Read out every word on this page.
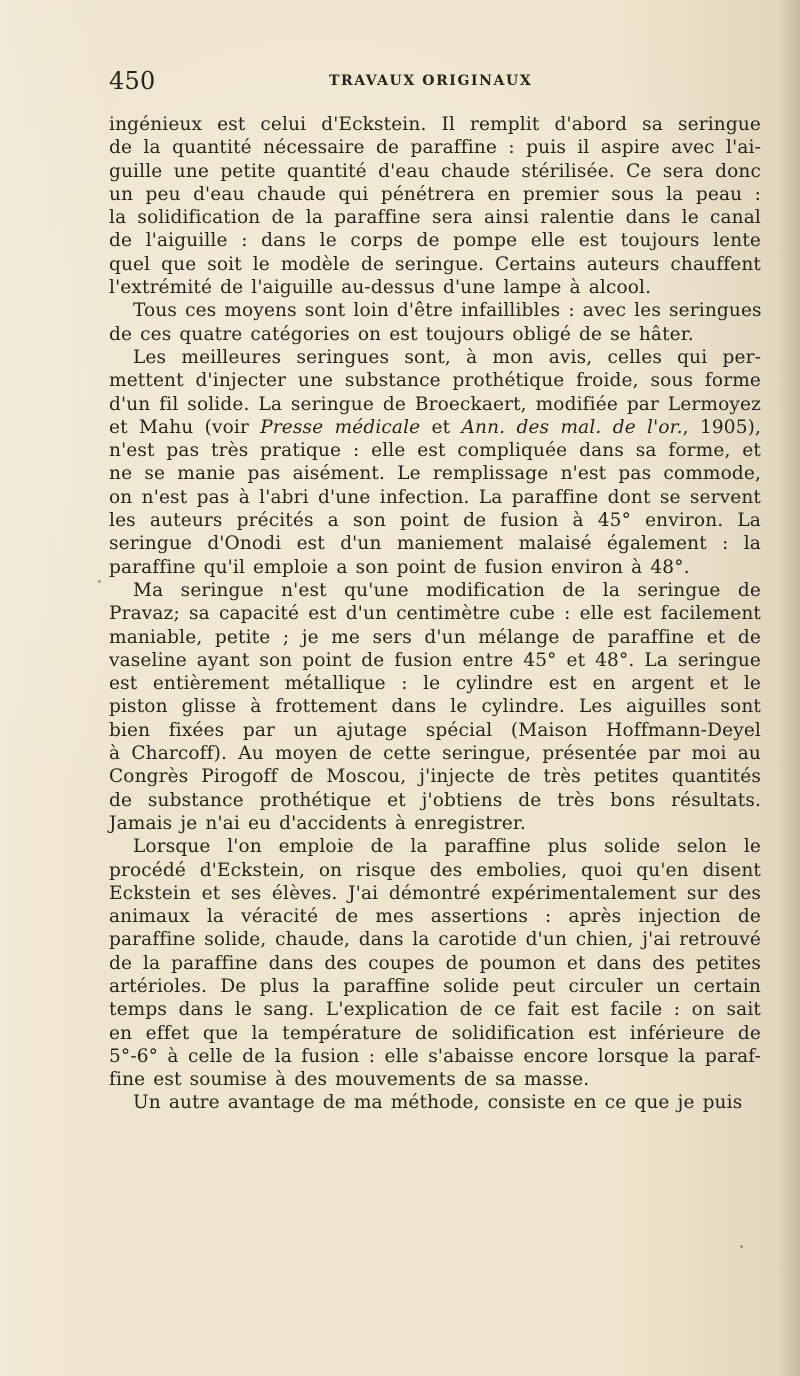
450	TRAVAUX ORIGINAUX
ingénieux est celui d'Eckstein. Il remplit d'abord sa seringue
de la quantité nécessaire de paraffine : puis il aspire avec l'ai-
guille une petite quantité d'eau chaude stérilisée. Ce sera donc
un peu d'eau chaude qui pénétrera en premier sous la peau :
la solidification de la paraffine sera ainsi ralentie dans le canal
de l'aiguille : dans le corps de pompe elle est toujours lente
quel que soit le modèle de seringue. Certains auteurs chauffent
l'extrémité de l'aiguille au-dessus d'une lampe à alcool.
Tous ces moyens sont loin d'être infaillibles : avec les seringues
de ces quatre catégories on est toujours obligé de se hâter.
Les meilleures seringues sont, à mon avis, celles qui per-
mettent d'injecter une substance prothétique froide, sous forme
d'un fil solide. La seringue de Broeckaert, modifiée par Lermoyez
et Mahu (voir Presse médicale et Ann. des mal. de l'or., 1905),
n'est pas très pratique : elle est compliquée dans sa forme, et
ne se manie pas aisément. Le remplissage n'est pas commode,
on n'est pas à l'abri d'une infection. La paraffine dont se servent
les auteurs précités a son point de fusion à 45° environ. La
seringue d'Onodi est d'un maniement malaisé également : la
paraffine qu'il emploie a son point de fusion environ à 48°.
Ma seringue n'est qu'une modification de la seringue de
Pravaz; sa capacité est d'un centimètre cube : elle est facilement
maniable, petite ; je me sers d'un mélange de paraffine et de
vaseline ayant son point de fusion entre 45° et 48°. La seringue
est entièrement métallique : le cylindre est en argent et le
piston glisse à frottement dans le cylindre. Les aiguilles sont
bien fixées par un ajutage spécial (Maison Hoffmann-Deyel
à Charcoff). Au moyen de cette seringue, présentée par moi au
Congrès Pirogoff de Moscou, j'injecte de très petites quantités
de substance prothétique et j'obtiens de très bons résultats.
Jamais je n'ai eu d'accidents à enregistrer.
Lorsque l'on emploie de la paraffine plus solide selon le
procédé d'Eckstein, on risque des embolies, quoi qu'en disent
Eckstein et ses élèves. J'ai démontré expérimentalement sur des
animaux la véracité de mes assertions : après injection de
paraffine solide, chaude, dans la carotide d'un chien, j'ai retrouvé
de la paraffine dans des coupes de poumon et dans des petites
artérioles. De plus la paraffine solide peut circuler un certain
temps dans le sang. L'explication de ce fait est facile : on sait
en effet que la température de solidification est inférieure de
5°-6° à celle de la fusion : elle s'abaisse encore lorsque la paraf-
fine est soumise à des mouvements de sa masse.
Un autre avantage de ma méthode, consiste en ce que je puis
